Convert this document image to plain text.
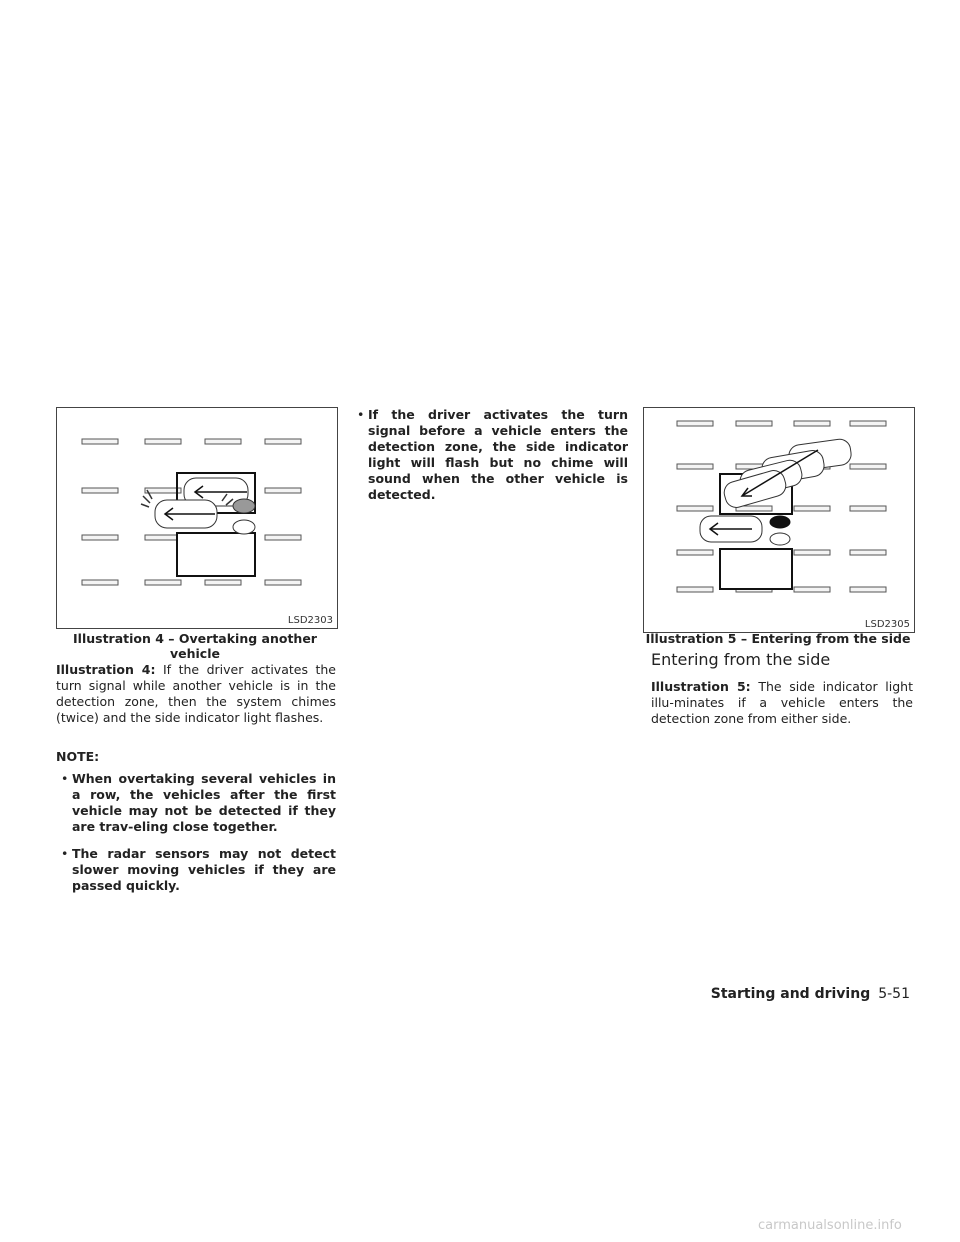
LSD2303
Illustration 4 – Overtaking another vehicle

Illustration 4: If the driver activates the turn signal while another vehicle is in the detection zone, then the system chimes (twice) and the side indicator light flashes.

NOTE:
• When overtaking several vehicles in a row, the vehicles after the first vehicle may not be detected if they are trav-eling close together.
• The radar sensors may not detect slower moving vehicles if they are passed quickly.
• If the driver activates the turn signal before a vehicle enters the detection zone, the side indicator light will flash but no chime will sound when the other vehicle is detected.
LSD2305
Illustration 5 – Entering from the side
Entering from the side

Illustration 5: The side indicator light illu-minates if a vehicle enters the detection zone from either side.

Starting and driving 5-51
carmanualsonline.info
